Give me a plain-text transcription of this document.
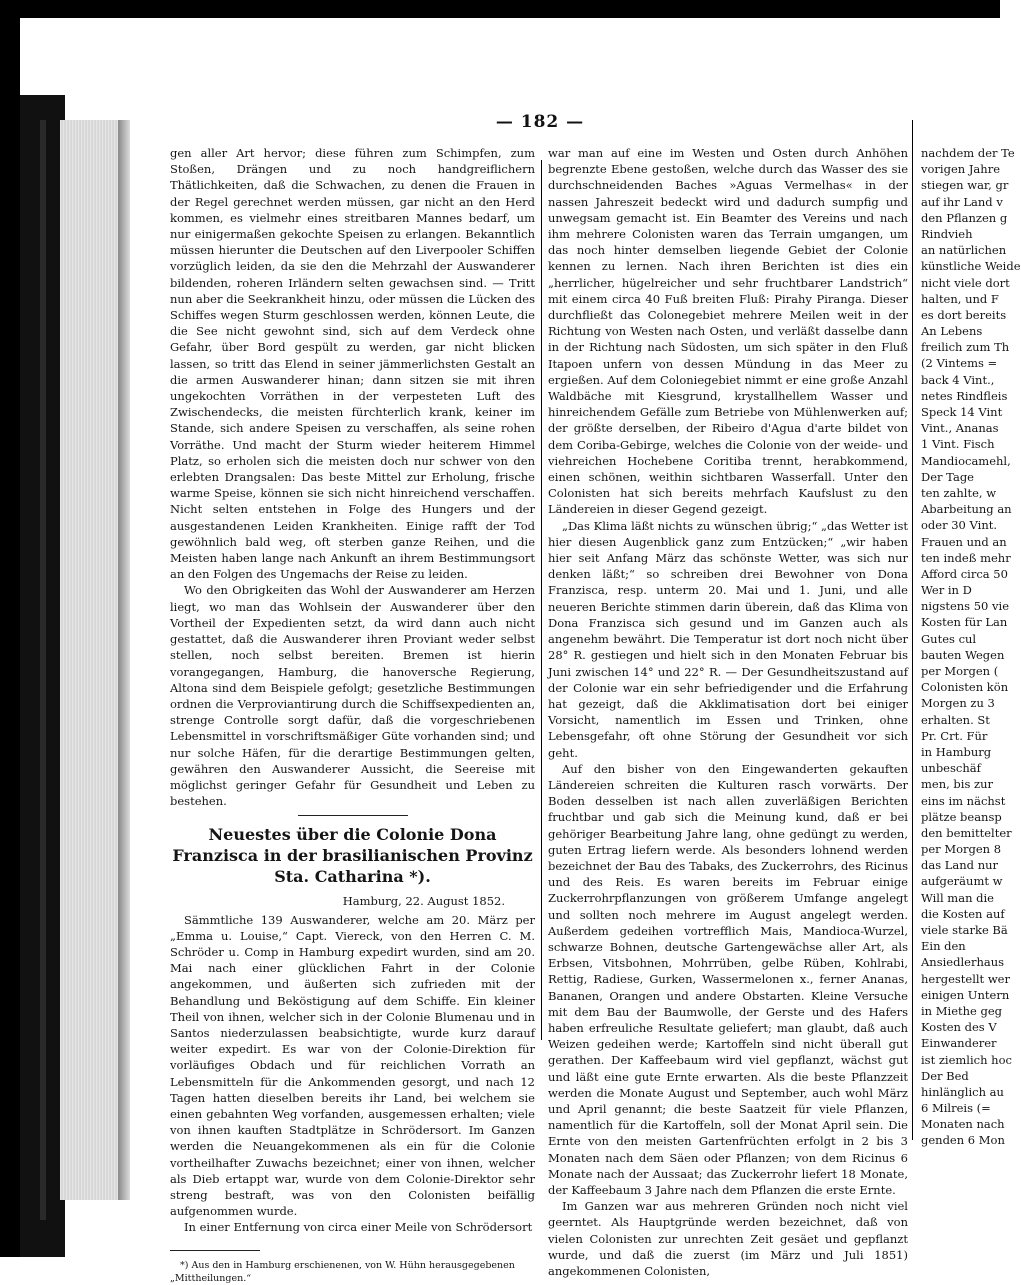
— 182 —

gen aller Art hervor; diese führen zum Schimpfen, zum Stoßen, Drängen und zu noch handgreiflichern Thätlichkeiten, daß die Schwachen, zu denen die Frauen in der Regel gerechnet werden müssen, gar nicht an den Herd kommen, es vielmehr eines streitbaren Mannes bedarf, um nur einigermaßen gekochte Speisen zu erlangen. Bekanntlich müssen hierunter die Deutschen auf den Liverpooler Schiffen vorzüglich leiden, da sie den die Mehrzahl der Auswanderer bildenden, roheren Irländern selten gewachsen sind. — Tritt nun aber die Seekrankheit hinzu, oder müssen die Lücken des Schiffes wegen Sturm geschlossen werden, können Leute, die die See nicht gewohnt sind, sich auf dem Verdeck ohne Gefahr, über Bord gespült zu werden, gar nicht blicken lassen, so tritt das Elend in seiner jämmerlichsten Gestalt an die armen Auswanderer hinan; dann sitzen sie mit ihren ungekochten Vorräthen in der verpesteten Luft des Zwischendecks, die meisten fürchterlich krank, keiner im Stande, sich andere Speisen zu verschaffen, als seine rohen Vorräthe. Und macht der Sturm wieder heiterem Himmel Platz, so erholen sich die meisten doch nur schwer von den erlebten Drangsalen: Das beste Mittel zur Erholung, frische warme Speise, können sie sich nicht hinreichend verschaffen. Nicht selten entstehen in Folge des Hungers und der ausgestandenen Leiden Krankheiten. Einige rafft der Tod gewöhnlich bald weg, oft sterben ganze Reihen, und die Meisten haben lange nach Ankunft an ihrem Bestimmungsort an den Folgen des Ungemachs der Reise zu leiden.

Wo den Obrigkeiten das Wohl der Auswanderer am Herzen liegt, wo man das Wohlsein der Auswanderer über den Vortheil der Expedienten setzt, da wird dann auch nicht gestattet, daß die Auswanderer ihren Proviant weder selbst stellen, noch selbst bereiten. Bremen ist hierin vorangegangen, Hamburg, die hanoversche Regierung, Altona sind dem Beispiele gefolgt; gesetzliche Bestimmungen ordnen die Verproviantirung durch die Schiffsexpedienten an, strenge Controlle sorgt dafür, daß die vorgeschriebenen Lebensmittel in vorschriftsmäßiger Güte vorhanden sind; und nur solche Häfen, für die derartige Bestimmungen gelten, gewähren den Auswanderer Aussicht, die Seereise mit möglichst geringer Gefahr für Gesundheit und Leben zu bestehen.

Neuestes über die Colonie Dona Franzisca in der brasilianischen Provinz Sta. Catharina *).
Hamburg, 22. August 1852.

Sämmtliche 139 Auswanderer, welche am 20. März per „Emma u. Louise,“ Capt. Viereck, von den Herren C. M. Schröder u. Comp in Hamburg expedirt wurden, sind am 20. Mai nach einer glücklichen Fahrt in der Colonie angekommen, und äußerten sich zufrieden mit der Behandlung und Beköstigung auf dem Schiffe. Ein kleiner Theil von ihnen, welcher sich in der Colonie Blumenau und in Santos niederzulassen beabsichtigte, wurde kurz darauf weiter expedirt. Es war von der Colonie-Direktion für vorläufiges Obdach und für reichlichen Vorrath an Lebensmitteln für die Ankommenden gesorgt, und nach 12 Tagen hatten dieselben bereits ihr Land, bei welchem sie einen gebahnten Weg vorfanden, ausgemessen erhalten; viele von ihnen kauften Stadtplätze in Schrödersort. Im Ganzen werden die Neuangekommenen als ein für die Colonie vortheilhafter Zuwachs bezeichnet; einer von ihnen, welcher als Dieb ertappt war, wurde von dem Colonie-Direktor sehr streng bestraft, was von den Colonisten beifällig aufgenommen wurde.

In einer Entfernung von circa einer Meile von Schrödersort

*) Aus den in Hamburg erschienenen, von W. Hühn herausgegebenen „Mittheilungen.“

war man auf eine im Westen und Osten durch Anhöhen begrenzte Ebene gestoßen, welche durch das Wasser des sie durchschneidenden Baches »Aguas Vermelhas« in der nassen Jahreszeit bedeckt wird und dadurch sumpfig und unwegsam gemacht ist. Ein Beamter des Vereins und nach ihm mehrere Colonisten waren das Terrain umgangen, um das noch hinter demselben liegende Gebiet der Colonie kennen zu lernen. Nach ihren Berichten ist dies ein „herrlicher, hügelreicher und sehr fruchtbarer Landstrich“ mit einem circa 40 Fuß breiten Fluß: Pirahy Piranga. Dieser durchfließt das Colonegebiet mehrere Meilen weit in der Richtung von Westen nach Osten, und verläßt dasselbe dann in der Richtung nach Südosten, um sich später in den Fluß Itapoen unfern von dessen Mündung in das Meer zu ergießen. Auf dem Coloniegebiet nimmt er eine große Anzahl Waldbäche mit Kiesgrund, krystallhellem Wasser und hinreichendem Gefälle zum Betriebe von Mühlenwerken auf; der größte derselben, der Ribeiro d'Agua d'arte bildet von dem Coriba-Gebirge, welches die Colonie von der weide- und viehreichen Hochebene Coritiba trennt, herabkommend, einen schönen, weithin sichtbaren Wasserfall. Unter den Colonisten hat sich bereits mehrfach Kaufslust zu den Ländereien in dieser Gegend gezeigt.

„Das Klima läßt nichts zu wünschen übrig;“ „das Wetter ist hier diesen Augenblick ganz zum Entzücken;“ „wir haben hier seit Anfang März das schönste Wetter, was sich nur denken läßt;“ so schreiben drei Bewohner von Dona Franzisca, resp. unterm 20. Mai und 1. Juni, und alle neueren Berichte stimmen darin überein, daß das Klima von Dona Franzisca sich gesund und im Ganzen auch als angenehm bewährt. Die Temperatur ist dort noch nicht über 28° R. gestiegen und hielt sich in den Monaten Februar bis Juni zwischen 14° und 22° R. — Der Gesundheitszustand auf der Colonie war ein sehr befriedigender und die Erfahrung hat gezeigt, daß die Akklimatisation dort bei einiger Vorsicht, namentlich im Essen und Trinken, ohne Lebensgefahr, oft ohne Störung der Gesundheit vor sich geht.

Auf den bisher von den Eingewanderten gekauften Ländereien schreiten die Kulturen rasch vorwärts. Der Boden desselben ist nach allen zuverläßigen Berichten fruchtbar und gab sich die Meinung kund, daß er bei gehöriger Bearbeitung Jahre lang, ohne gedüngt zu werden, guten Ertrag liefern werde. Als besonders lohnend werden bezeichnet der Bau des Tabaks, des Zuckerrohrs, des Ricinus und des Reis. Es waren bereits im Februar einige Zuckerrohrpflanzungen von größerem Umfange angelegt und sollten noch mehrere im August angelegt werden. Außerdem gedeihen vortrefflich Mais, Mandioca-Wurzel, schwarze Bohnen, deutsche Gartengewächse aller Art, als Erbsen, Vitsbohnen, Mohrrüben, gelbe Rüben, Kohlrabi, Rettig, Radiese, Gurken, Wassermelonen x., ferner Ananas, Bananen, Orangen und andere Obstarten. Kleine Versuche mit dem Bau der Baumwolle, der Gerste und des Hafers haben erfreuliche Resultate geliefert; man glaubt, daß auch Weizen gedeihen werde; Kartoffeln sind nicht überall gut gerathen. Der Kaffeebaum wird viel gepflanzt, wächst gut und läßt eine gute Ernte erwarten. Als die beste Pflanzzeit werden die Monate August und September, auch wohl März und April genannt; die beste Saatzeit für viele Pflanzen, namentlich für die Kartoffeln, soll der Monat April sein. Die Ernte von den meisten Gartenfrüchten erfolgt in 2 bis 3 Monaten nach dem Säen oder Pflanzen; von dem Ricinus 6 Monate nach der Aussaat; das Zuckerrohr liefert 18 Monate, der Kaffeebaum 3 Jahre nach dem Pflanzen die erste Ernte.

Im Ganzen war aus mehreren Gründen noch nicht viel geerntet. Als Hauptgründe werden bezeichnet, daß von vielen Colonisten zur unrechten Zeit gesäet und gepflanzt wurde, und daß die zuerst (im März und Juli 1851) angekommenen Colonisten,

nachdem der Te
vorigen Jahre
stiegen war, gr
auf ihr Land v
den Pflanzen g
Rindvieh
an natürlichen
künstliche Weide
nicht viele dort
halten, und F
es dort bereits
An Lebens
freilich zum Th
(2 Vintems =
back 4 Vint.,
netes Rindfleis
Speck 14 Vint
Vint., Ananas
1 Vint. Fisch
Mandiocamehl,
Der Tage
ten zahlte, w
Abarbeitung an
oder 30 Vint.
Frauen und an
ten indeß mehr
Afford circa 50
Wer in D
nigstens 50 vie
Kosten für Lan
Gutes cul
bauten Wegen
per Morgen (
Colonisten kön
Morgen zu 3
erhalten. St
Pr. Crt. Für
in Hamburg
unbeschäf
men, bis zur
eins im nächst
plätze beansp
den bemittelter
per Morgen 8
das Land nur
aufgeräumt w
Will man die
die Kosten auf
viele starke Bä
Ein den
Ansiedlerhaus
hergestellt wer
einigen Untern
in Miethe geg
Kosten des V
Einwanderer
ist ziemlich hoc
Der Bed
hinlänglich au
6 Milreis (=
Monaten nach
genden 6 Mon
